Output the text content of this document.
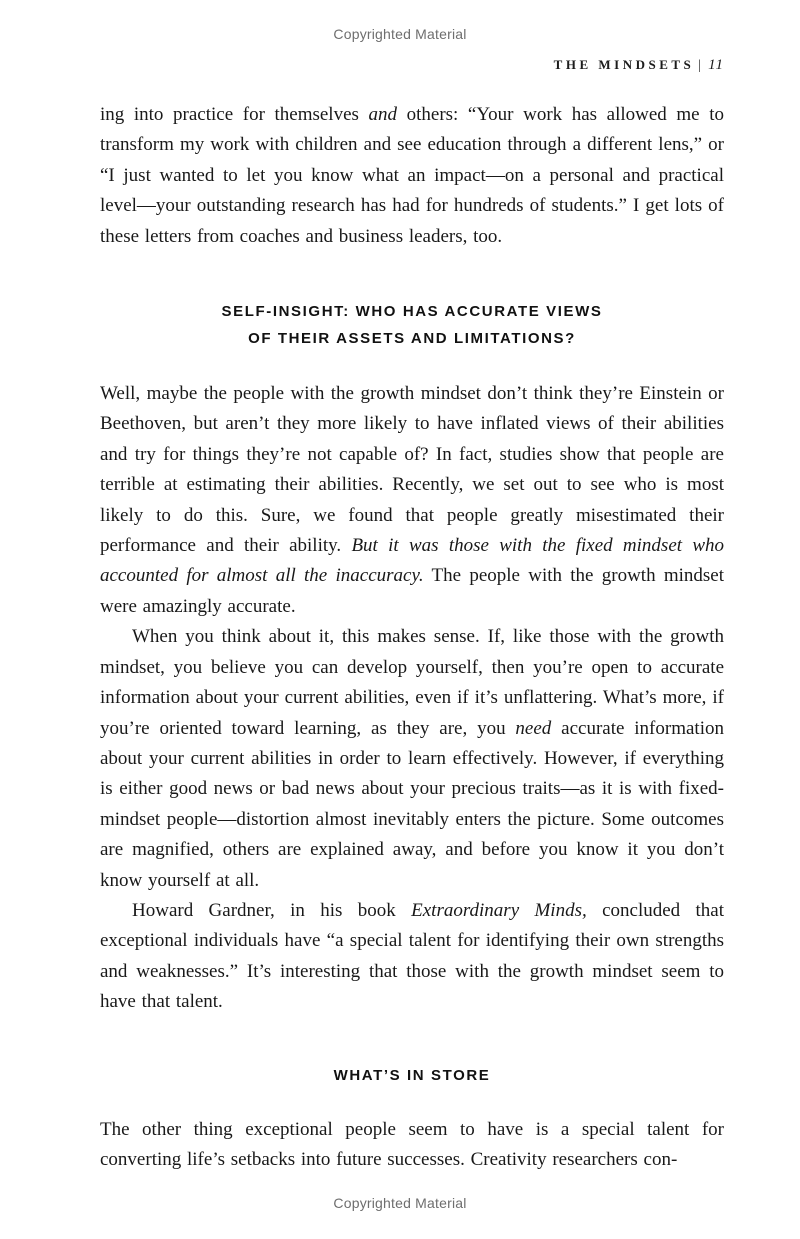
Copyrighted Material
THE MINDSETS | 11

ing into practice for themselves and others: “Your work has allowed me to transform my work with children and see education through a different lens,” or “I just wanted to let you know what an impact—on a personal and practical level—your outstanding research has had for hundreds of students.” I get lots of these letters from coaches and business leaders, too.

SELF-INSIGHT: WHO HAS ACCURATE VIEWS
OF THEIR ASSETS AND LIMITATIONS?

Well, maybe the people with the growth mindset don’t think they’re Einstein or Beethoven, but aren’t they more likely to have inflated views of their abilities and try for things they’re not capable of? In fact, studies show that people are terrible at estimating their abilities. Recently, we set out to see who is most likely to do this. Sure, we found that people greatly misestimated their performance and their ability. But it was those with the fixed mindset who accounted for almost all the inaccuracy. The people with the growth mindset were amazingly accurate.

When you think about it, this makes sense. If, like those with the growth mindset, you believe you can develop yourself, then you’re open to accurate information about your current abilities, even if it’s unflattering. What’s more, if you’re oriented toward learning, as they are, you need accurate information about your current abilities in order to learn effectively. However, if everything is either good news or bad news about your precious traits—as it is with fixed-mindset people—distortion almost inevitably enters the picture. Some outcomes are magnified, others are explained away, and before you know it you don’t know yourself at all.

Howard Gardner, in his book Extraordinary Minds, concluded that exceptional individuals have “a special talent for identifying their own strengths and weaknesses.” It’s interesting that those with the growth mindset seem to have that talent.

WHAT’S IN STORE

The other thing exceptional people seem to have is a special talent for converting life’s setbacks into future successes. Creativity researchers con-

Copyrighted Material
